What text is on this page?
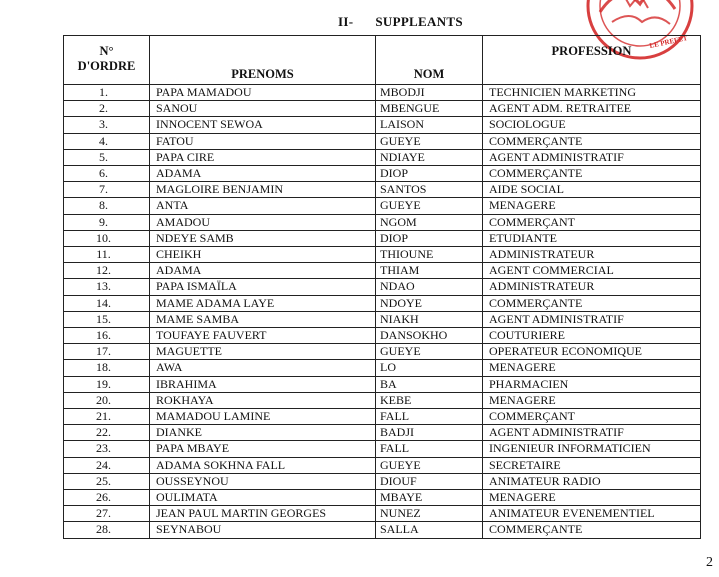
II- SUPPLEANTS
LE PREFET
N°
D'ORDRE	PRENOMS	NOM	PROFESSION
1.	PAPA MAMADOU	MBODJI	TECHNICIEN MARKETING
2.	SANOU	MBENGUE	AGENT ADM. RETRAITEE
3.	INNOCENT SEWOA	LAISON	SOCIOLOGUE
4.	FATOU	GUEYE	COMMERÇANTE
5.	PAPA CIRE	NDIAYE	AGENT ADMINISTRATIF
6.	ADAMA	DIOP	COMMERÇANTE
7.	MAGLOIRE BENJAMIN	SANTOS	AIDE SOCIAL
8.	ANTA	GUEYE	MENAGERE
9.	AMADOU	NGOM	COMMERÇANT
10.	NDEYE SAMB	DIOP	ETUDIANTE
11.	CHEIKH	THIOUNE	ADMINISTRATEUR
12.	ADAMA	THIAM	AGENT COMMERCIAL
13.	PAPA ISMAÏLA	NDAO	ADMINISTRATEUR
14.	MAME ADAMA LAYE	NDOYE	COMMERÇANTE
15.	MAME SAMBA	NIAKH	AGENT ADMINISTRATIF
16.	TOUFAYE FAUVERT	DANSOKHO	COUTURIERE
17.	MAGUETTE	GUEYE	OPERATEUR ECONOMIQUE
18.	AWA	LO	MENAGERE
19.	IBRAHIMA	BA	PHARMACIEN
20.	ROKHAYA	KEBE	MENAGERE
21.	MAMADOU LAMINE	FALL	COMMERÇANT
22.	DIANKE	BADJI	AGENT ADMINISTRATIF
23.	PAPA MBAYE	FALL	INGENIEUR INFORMATICIEN
24.	ADAMA SOKHNA FALL	GUEYE	SECRETAIRE
25.	OUSSEYNOU	DIOUF	ANIMATEUR RADIO
26.	OULIMATA	MBAYE	MENAGERE
27.	JEAN PAUL MARTIN GEORGES	NUNEZ	ANIMATEUR EVENEMENTIEL
28.	SEYNABOU	SALLA	COMMERÇANTE
2
